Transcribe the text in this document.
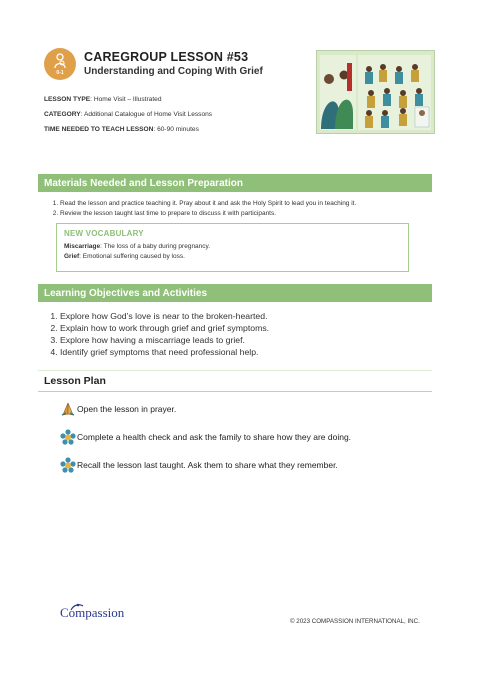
0-1
CAREGROUP LESSON #53
Understanding and Coping With Grief
LESSON TYPE: Home Visit – Illustrated
CATEGORY: Additional Catalogue of Home Visit Lessons
TIME NEEDED TO TEACH LESSON: 60-90 minutes
Materials Needed and Lesson Preparation
1. Read the lesson and practice teaching it. Pray about it and ask the Holy Spirit to lead you in teaching it.
2. Review the lesson taught last time to prepare to discuss it with participants.
NEW VOCABULARY
Miscarriage: The loss of a baby during pregnancy.
Grief: Emotional suffering caused by loss.
Learning Objectives and Activities
1. Explore how God’s love is near to the broken-hearted.
2. Explain how to work through grief and grief symptoms.
3. Explore how having a miscarriage leads to grief.
4. Identify grief symptoms that need professional help.
Lesson Plan
Open the lesson in prayer.
Complete a health check and ask the family to share how they are doing.
Recall the lesson last taught. Ask them to share what they remember.
Compassion
© 2023 COMPASSION INTERNATIONAL, INC.
